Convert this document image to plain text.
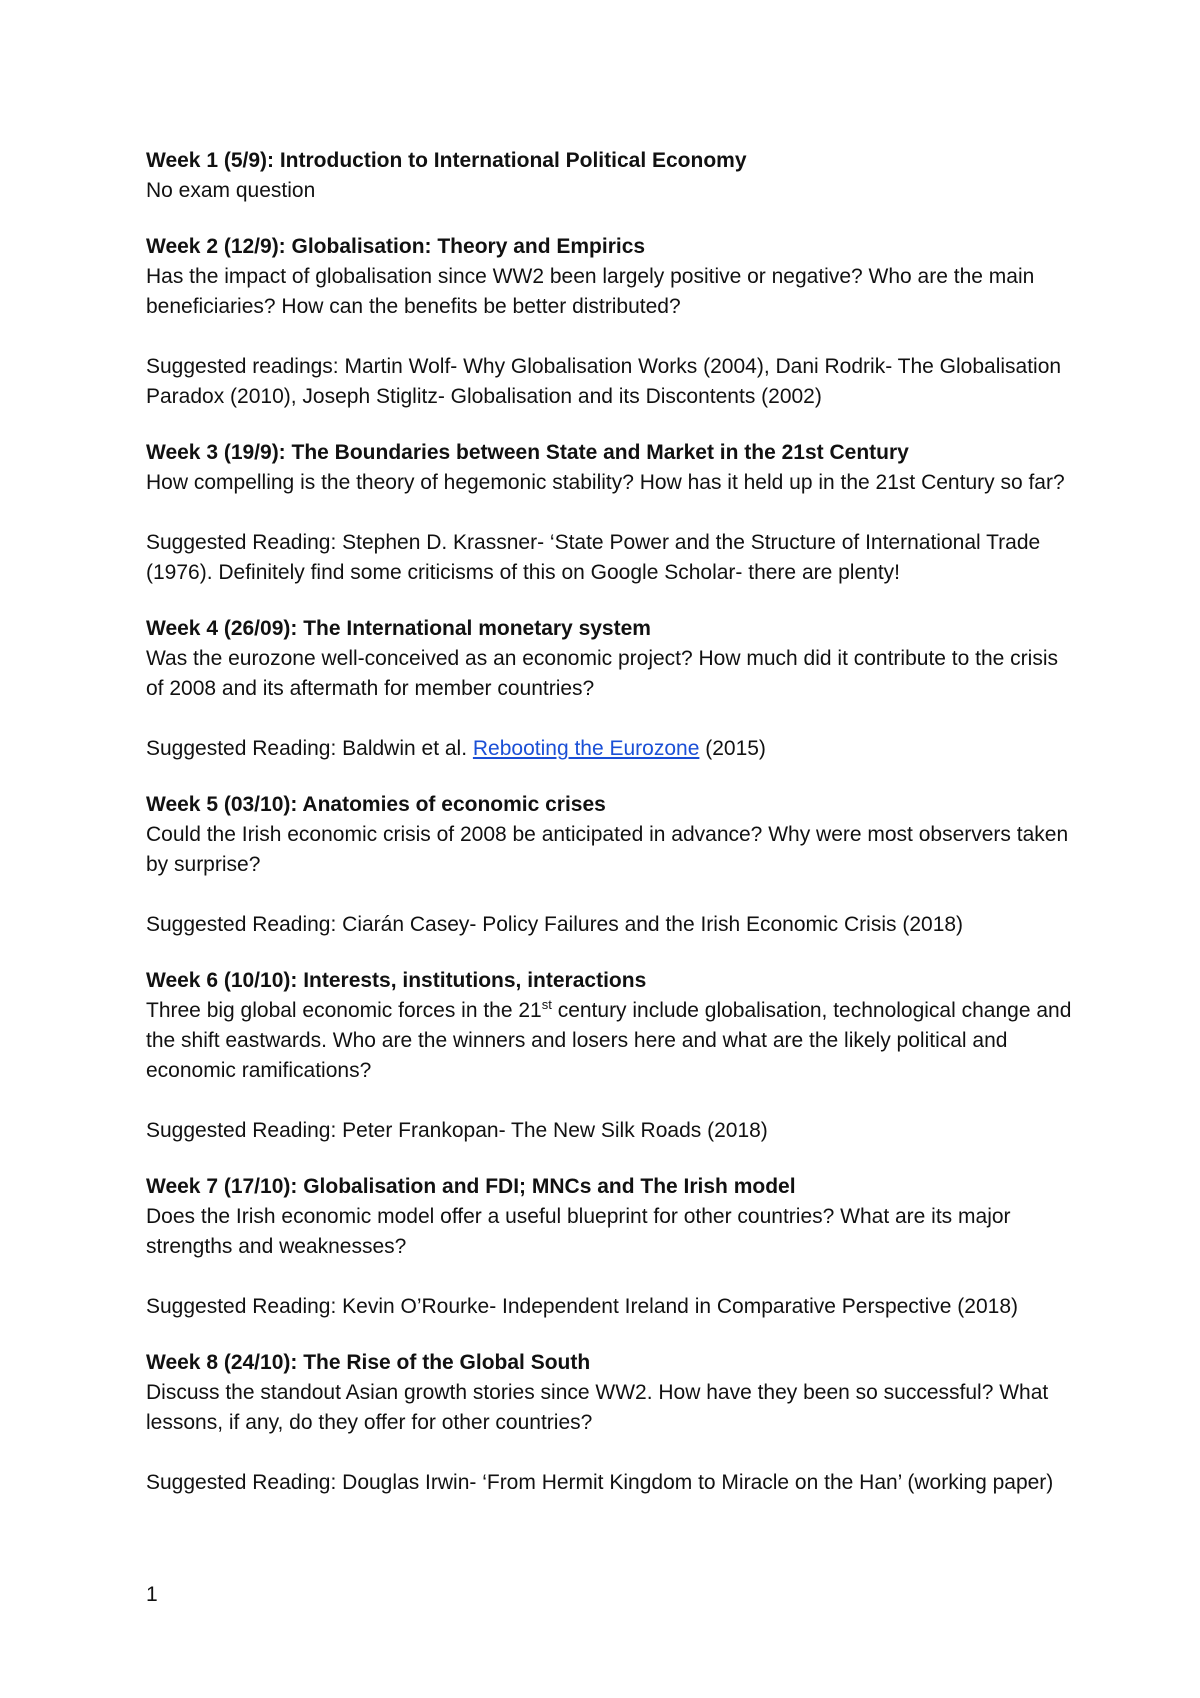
Week 1 (5/9): Introduction to International Political Economy
No exam question
Week 2 (12/9): Globalisation: Theory and Empirics
Has the impact of globalisation since WW2 been largely positive or negative? Who are the main beneficiaries? How can the benefits be better distributed?
Suggested readings: Martin Wolf- Why Globalisation Works (2004), Dani Rodrik- The Globalisation Paradox (2010), Joseph Stiglitz- Globalisation and its Discontents (2002)
Week 3 (19/9): The Boundaries between State and Market in the 21st Century
How compelling is the theory of hegemonic stability? How has it held up in the 21st Century so far?
Suggested Reading: Stephen D. Krassner- ‘State Power and the Structure of International Trade (1976). Definitely find some criticisms of this on Google Scholar- there are plenty!
Week 4 (26/09): The International monetary system
Was the eurozone well-conceived as an economic project? How much did it contribute to the crisis of 2008 and its aftermath for member countries?
Suggested Reading: Baldwin et al. Rebooting the Eurozone (2015)
Week 5 (03/10): Anatomies of economic crises
Could the Irish economic crisis of 2008 be anticipated in advance? Why were most observers taken by surprise?
Suggested Reading: Ciarán Casey- Policy Failures and the Irish Economic Crisis (2018)
Week 6 (10/10): Interests, institutions, interactions
Three big global economic forces in the 21st century include globalisation, technological change and the shift eastwards. Who are the winners and losers here and what are the likely political and economic ramifications?
Suggested Reading: Peter Frankopan- The New Silk Roads (2018)
Week 7 (17/10): Globalisation and FDI; MNCs and The Irish model
Does the Irish economic model offer a useful blueprint for other countries? What are its major strengths and weaknesses?
Suggested Reading: Kevin O’Rourke- Independent Ireland in Comparative Perspective (2018)
Week 8 (24/10): The Rise of the Global South
Discuss the standout Asian growth stories since WW2. How have they been so successful? What lessons, if any, do they offer for other countries?
Suggested Reading: Douglas Irwin- ‘From Hermit Kingdom to Miracle on the Han’ (working paper)
1
